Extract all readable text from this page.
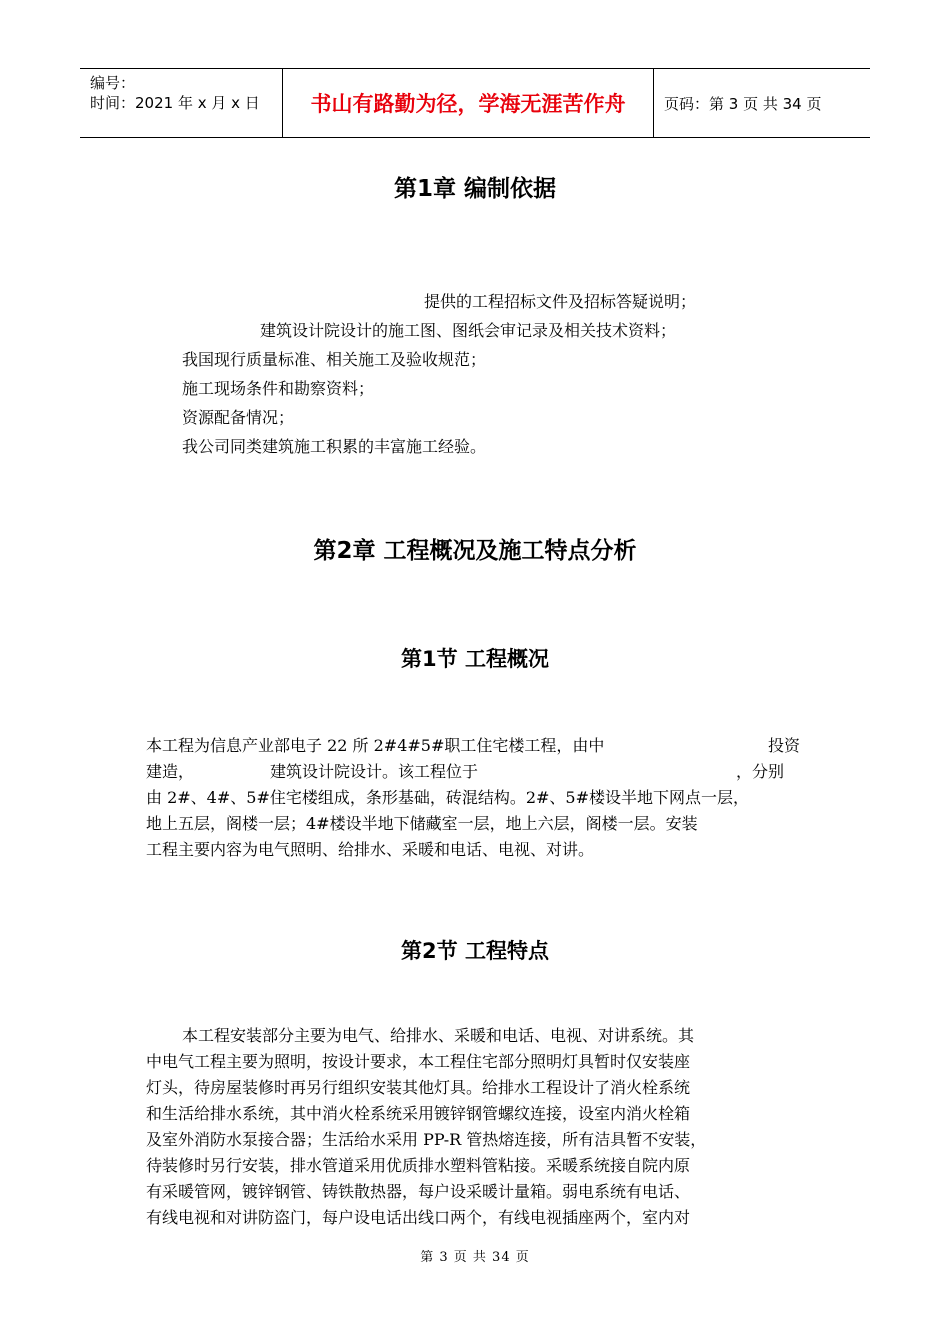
编号：
时间：2021 年 x 月 x 日	书山有路勤为径，学海无涯苦作舟	页码：第 3 页 共 34 页
第1章 编制依据
提供的工程招标文件及招标答疑说明；
建筑设计院设计的施工图、图纸会审记录及相关技术资料；
我国现行质量标准、相关施工及验收规范；
施工现场条件和勘察资料；
资源配备情况；
我公司同类建筑施工积累的丰富施工经验。
第2章 工程概况及施工特点分析
第1节 工程概况
本工程为信息产业部电子 22 所 2#4#5#职工住宅楼工程，由中	投资
建造，	建筑设计院设计。该工程位于	，分别
由 2#、4#、5#住宅楼组成，条形基础，砖混结构。2#、5#楼设半地下网点一层，
地上五层，阁楼一层；4#楼设半地下储藏室一层，地上六层，阁楼一层。安装
工程主要内容为电气照明、给排水、采暖和电话、电视、对讲。
第2节 工程特点
本工程安装部分主要为电气、给排水、采暖和电话、电视、对讲系统。其
中电气工程主要为照明，按设计要求，本工程住宅部分照明灯具暂时仅安装座
灯头，待房屋装修时再另行组织安装其他灯具。给排水工程设计了消火栓系统
和生活给排水系统，其中消火栓系统采用镀锌钢管螺纹连接，设室内消火栓箱
及室外消防水泵接合器；生活给水采用 PP-R 管热熔连接，所有洁具暂不安装，
待装修时另行安装，排水管道采用优质排水塑料管粘接。采暖系统接自院内原
有采暖管网，镀锌钢管、铸铁散热器，每户设采暖计量箱。弱电系统有电话、
有线电视和对讲防盗门，每户设电话出线口两个，有线电视插座两个，室内对
第 3 页 共 34 页
